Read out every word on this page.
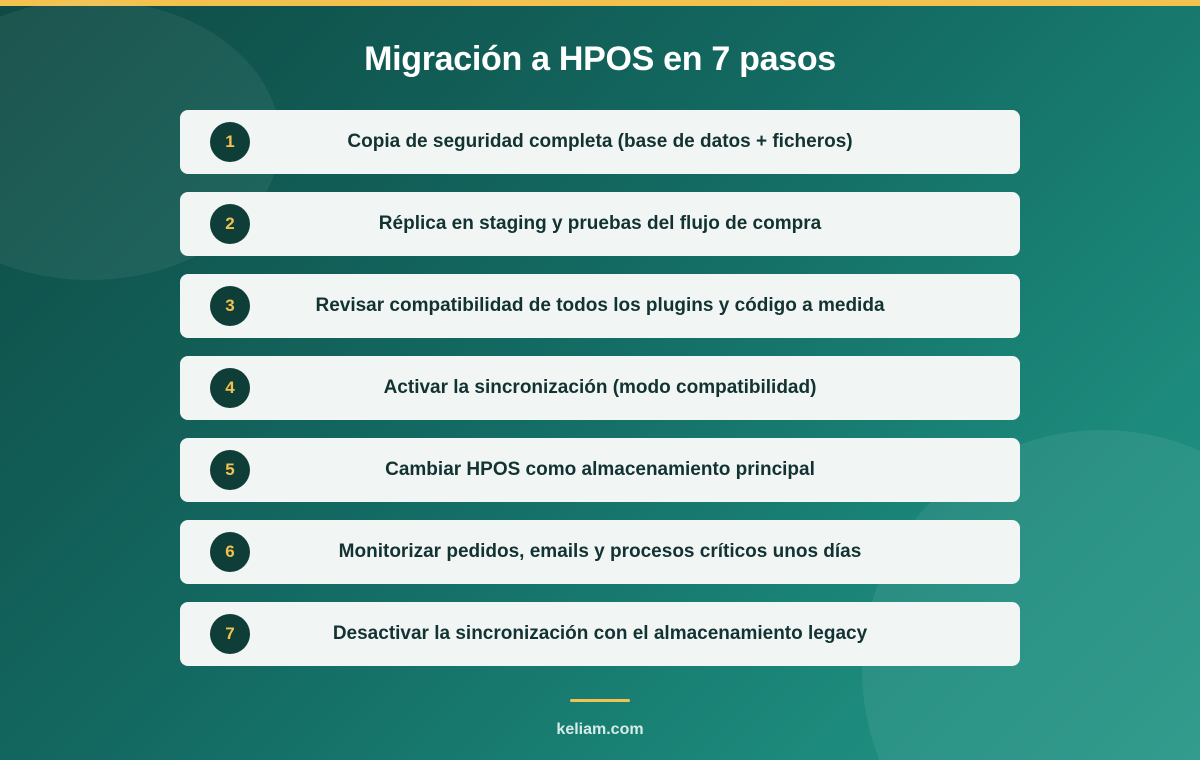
Migración a HPOS en 7 pasos
1	Copia de seguridad completa (base de datos + ficheros)
2	Réplica en staging y pruebas del flujo de compra
3	Revisar compatibilidad de todos los plugins y código a medida
4	Activar la sincronización (modo compatibilidad)
5	Cambiar HPOS como almacenamiento principal
6	Monitorizar pedidos, emails y procesos críticos unos días
7	Desactivar la sincronización con el almacenamiento legacy
keliam.com
